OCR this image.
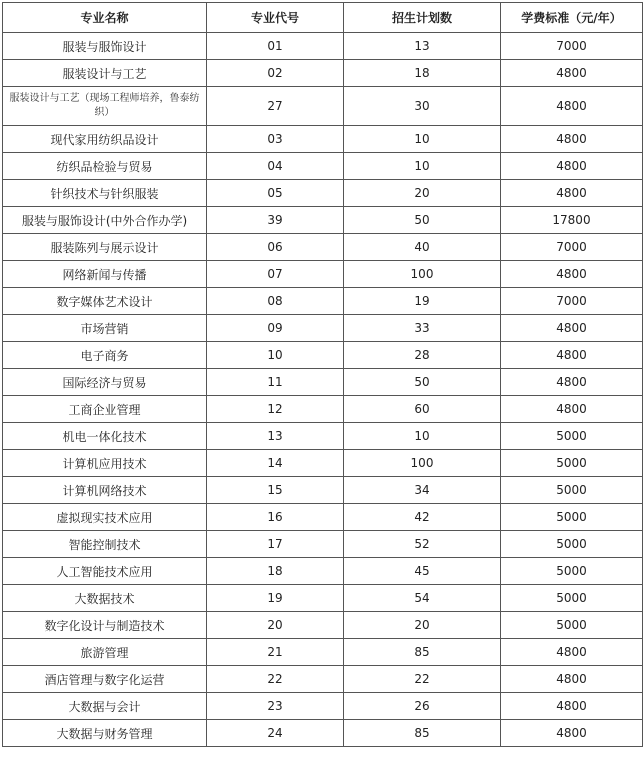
专业名称	专业代号	招生计划数	学费标准（元/年）
服装与服饰设计	01	13	7000
服装设计与工艺	02	18	4800
服装设计与工艺（现场工程师培养，鲁泰纺织）	27	30	4800
现代家用纺织品设计	03	10	4800
纺织品检验与贸易	04	10	4800
针织技术与针织服装	05	20	4800
服装与服饰设计(中外合作办学)	39	50	17800
服装陈列与展示设计	06	40	7000
网络新闻与传播	07	100	4800
数字媒体艺术设计	08	19	7000
市场营销	09	33	4800
电子商务	10	28	4800
国际经济与贸易	11	50	4800
工商企业管理	12	60	4800
机电一体化技术	13	10	5000
计算机应用技术	14	100	5000
计算机网络技术	15	34	5000
虚拟现实技术应用	16	42	5000
智能控制技术	17	52	5000
人工智能技术应用	18	45	5000
大数据技术	19	54	5000
数字化设计与制造技术	20	20	5000
旅游管理	21	85	4800
酒店管理与数字化运营	22	22	4800
大数据与会计	23	26	4800
大数据与财务管理	24	85	4800
